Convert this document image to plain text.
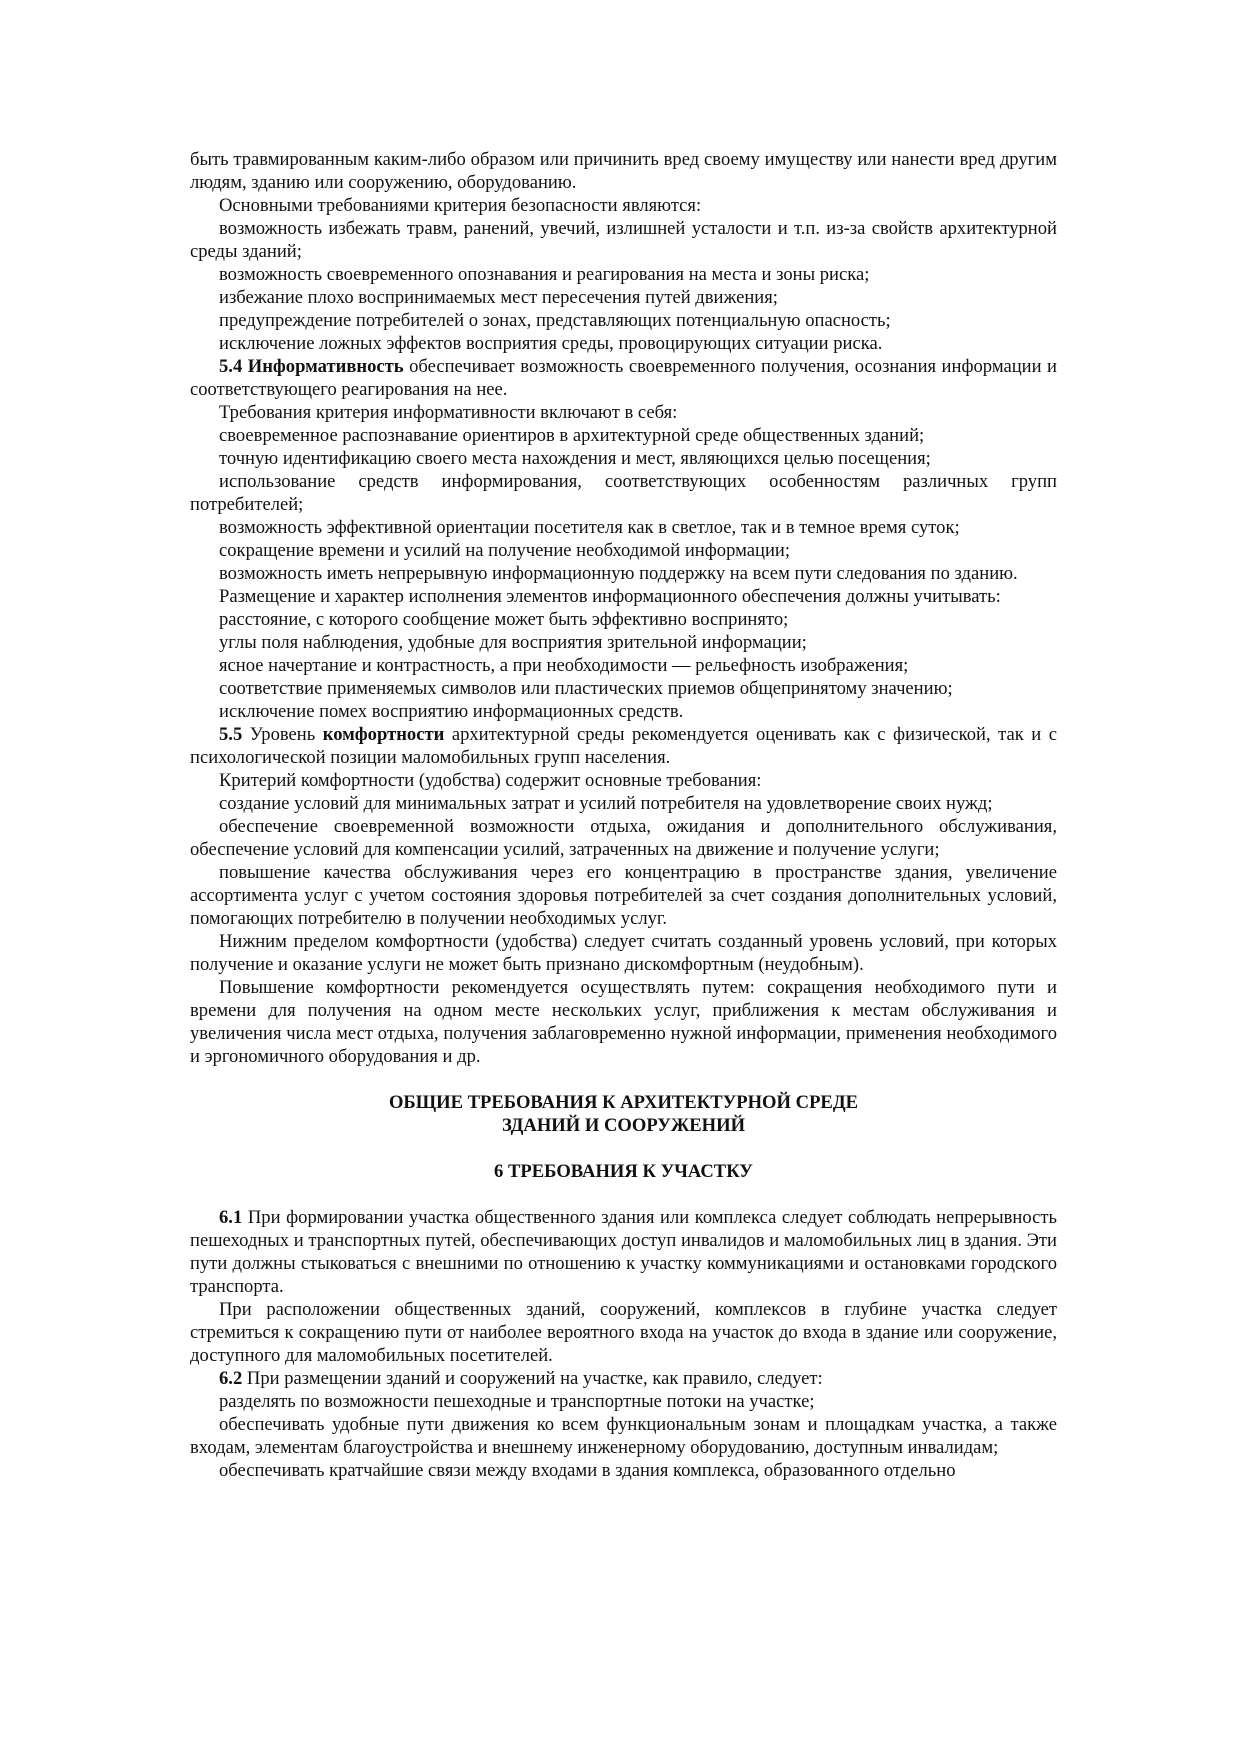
быть травмированным каким-либо образом или причинить вред своему имуществу или нанести вред другим людям, зданию или сооружению, оборудованию.

Основными требованиями критерия безопасности являются:

возможность избежать травм, ранений, увечий, излишней усталости и т.п. из-за свойств архитектурной среды зданий;

возможность своевременного опознавания и реагирования на места и зоны риска;

избежание плохо воспринимаемых мест пересечения путей движения;

предупреждение потребителей о зонах, представляющих потенциальную опасность;

исключение ложных эффектов восприятия среды, провоцирующих ситуации риска.

5.4 Информативность обеспечивает возможность своевременного получения, осознания информации и соответствующего реагирования на нее.

Требования критерия информативности включают в себя:

своевременное распознавание ориентиров в архитектурной среде общественных зданий;

точную идентификацию своего места нахождения и мест, являющихся целью посещения;

использование средств информирования, соответствующих особенностям различных групп потребителей;

возможность эффективной ориентации посетителя как в светлое, так и в темное время суток;

сокращение времени и усилий на получение необходимой информации;

возможность иметь непрерывную информационную поддержку на всем пути следования по зданию.

Размещение и характер исполнения элементов информационного обеспечения должны учитывать:

расстояние, с которого сообщение может быть эффективно воспринято;

углы поля наблюдения, удобные для восприятия зрительной информации;

ясное начертание и контрастность, а при необходимости — рельефность изображения;

соответствие применяемых символов или пластических приемов общепринятому значению;

исключение помех восприятию информационных средств.

5.5 Уровень комфортности архитектурной среды рекомендуется оценивать как с физической, так и с психологической позиции маломобильных групп населения.

Критерий комфортности (удобства) содержит основные требования:

создание условий для минимальных затрат и усилий потребителя на удовлетворение своих нужд;

обеспечение своевременной возможности отдыха, ожидания и дополнительного обслуживания, обеспечение условий для компенсации усилий, затраченных на движение и получение услуги;

повышение качества обслуживания через его концентрацию в пространстве здания, увеличение ассортимента услуг с учетом состояния здоровья потребителей за счет создания дополнительных условий, помогающих потребителю в получении необходимых услуг.

Нижним пределом комфортности (удобства) следует считать созданный уровень условий, при которых получение и оказание услуги не может быть признано дискомфортным (неудобным).

Повышение комфортности рекомендуется осуществлять путем: сокращения необходимого пути и времени для получения на одном месте нескольких услуг, приближения к местам обслуживания и увеличения числа мест отдыха, получения заблаговременно нужной информации, применения необходимого и эргономичного оборудования и др.

ОБЩИЕ ТРЕБОВАНИЯ К АРХИТЕКТУРНОЙ СРЕДЕ

ЗДАНИЙ И СООРУЖЕНИЙ

6 ТРЕБОВАНИЯ К УЧАСТКУ

6.1 При формировании участка общественного здания или комплекса следует соблюдать непрерывность пешеходных и транспортных путей, обеспечивающих доступ инвалидов и маломобильных лиц в здания. Эти пути должны стыковаться с внешними по отношению к участку коммуникациями и остановками городского транспорта.

При расположении общественных зданий, сооружений, комплексов в глубине участка следует стремиться к сокращению пути от наиболее вероятного входа на участок до входа в здание или сооружение, доступного для маломобильных посетителей.

6.2 При размещении зданий и сооружений на участке, как правило, следует:

разделять по возможности пешеходные и транспортные потоки на участке;

обеспечивать удобные пути движения ко всем функциональным зонам и площадкам участка, а также входам, элементам благоустройства и внешнему инженерному оборудованию, доступным инвалидам;

обеспечивать кратчайшие связи между входами в здания комплекса, образованного отдельно
